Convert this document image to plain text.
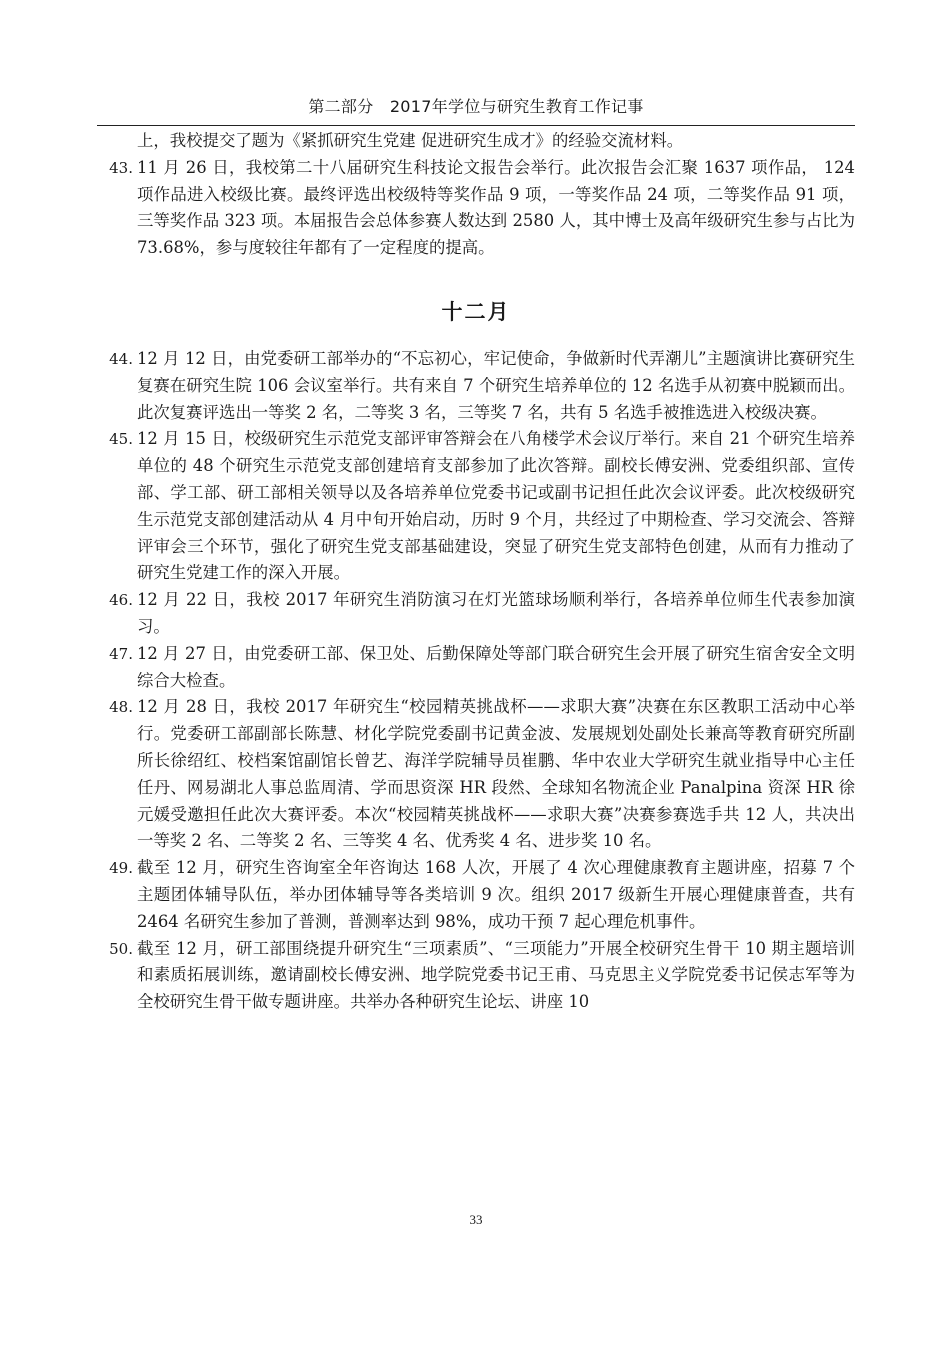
第二部分　2017年学位与研究生教育工作记事

上，我校提交了题为《紧抓研究生党建 促进研究生成才》的经验交流材料。

43. 11 月 26 日，我校第二十八届研究生科技论文报告会举行。此次报告会汇聚 1637 项作品， 124 项作品进入校级比赛。最终评选出校级特等奖作品 9 项，一等奖作品 24 项，二等奖作品 91 项，三等奖作品 323 项。本届报告会总体参赛人数达到 2580 人，其中博士及高年级研究生参与占比为 73.68%，参与度较往年都有了一定程度的提高。
十二月
44. 12 月 12 日，由党委研工部举办的“不忘初心，牢记使命，争做新时代弄潮儿”主题演讲比赛研究生复赛在研究生院 106 会议室举行。共有来自 7 个研究生培养单位的 12 名选手从初赛中脱颖而出。此次复赛评选出一等奖 2 名，二等奖 3 名，三等奖 7 名，共有 5 名选手被推选进入校级决赛。
45. 12 月 15 日，校级研究生示范党支部评审答辩会在八角楼学术会议厅举行。来自 21 个研究生培养单位的 48 个研究生示范党支部创建培育支部参加了此次答辩。副校长傅安洲、党委组织部、宣传部、学工部、研工部相关领导以及各培养单位党委书记或副书记担任此次会议评委。此次校级研究生示范党支部创建活动从 4 月中旬开始启动，历时 9 个月，共经过了中期检查、学习交流会、答辩评审会三个环节，强化了研究生党支部基础建设，突显了研究生党支部特色创建，从而有力推动了研究生党建工作的深入开展。
46. 12 月 22 日，我校 2017 年研究生消防演习在灯光篮球场顺利举行，各培养单位师生代表参加演习。
47. 12 月 27 日，由党委研工部、保卫处、后勤保障处等部门联合研究生会开展了研究生宿舍安全文明综合大检查。
48. 12 月 28 日，我校 2017 年研究生“校园精英挑战杯——求职大赛”决赛在东区教职工活动中心举行。党委研工部副部长陈慧、材化学院党委副书记黄金波、发展规划处副处长兼高等教育研究所副所长徐绍红、校档案馆副馆长曾艺、海洋学院辅导员崔鹏、华中农业大学研究生就业指导中心主任任丹、网易湖北人事总监周清、学而思资深 HR 段然、全球知名物流企业 Panalpina 资深 HR 徐元媛受邀担任此次大赛评委。本次“校园精英挑战杯——求职大赛”决赛参赛选手共 12 人，共决出一等奖 2 名、二等奖 2 名、三等奖 4 名、优秀奖 4 名、进步奖 10 名。
49. 截至 12 月，研究生咨询室全年咨询达 168 人次，开展了 4 次心理健康教育主题讲座，招募 7 个主题团体辅导队伍，举办团体辅导等各类培训 9 次。组织 2017 级新生开展心理健康普查，共有 2464 名研究生参加了普测，普测率达到 98%，成功干预 7 起心理危机事件。
50. 截至 12 月，研工部围绕提升研究生“三项素质”、“三项能力”开展全校研究生骨干 10 期主题培训和素质拓展训练，邀请副校长傅安洲、地学院党委书记王甫、马克思主义学院党委书记侯志军等为全校研究生骨干做专题讲座。共举办各种研究生论坛、讲座 10
33
